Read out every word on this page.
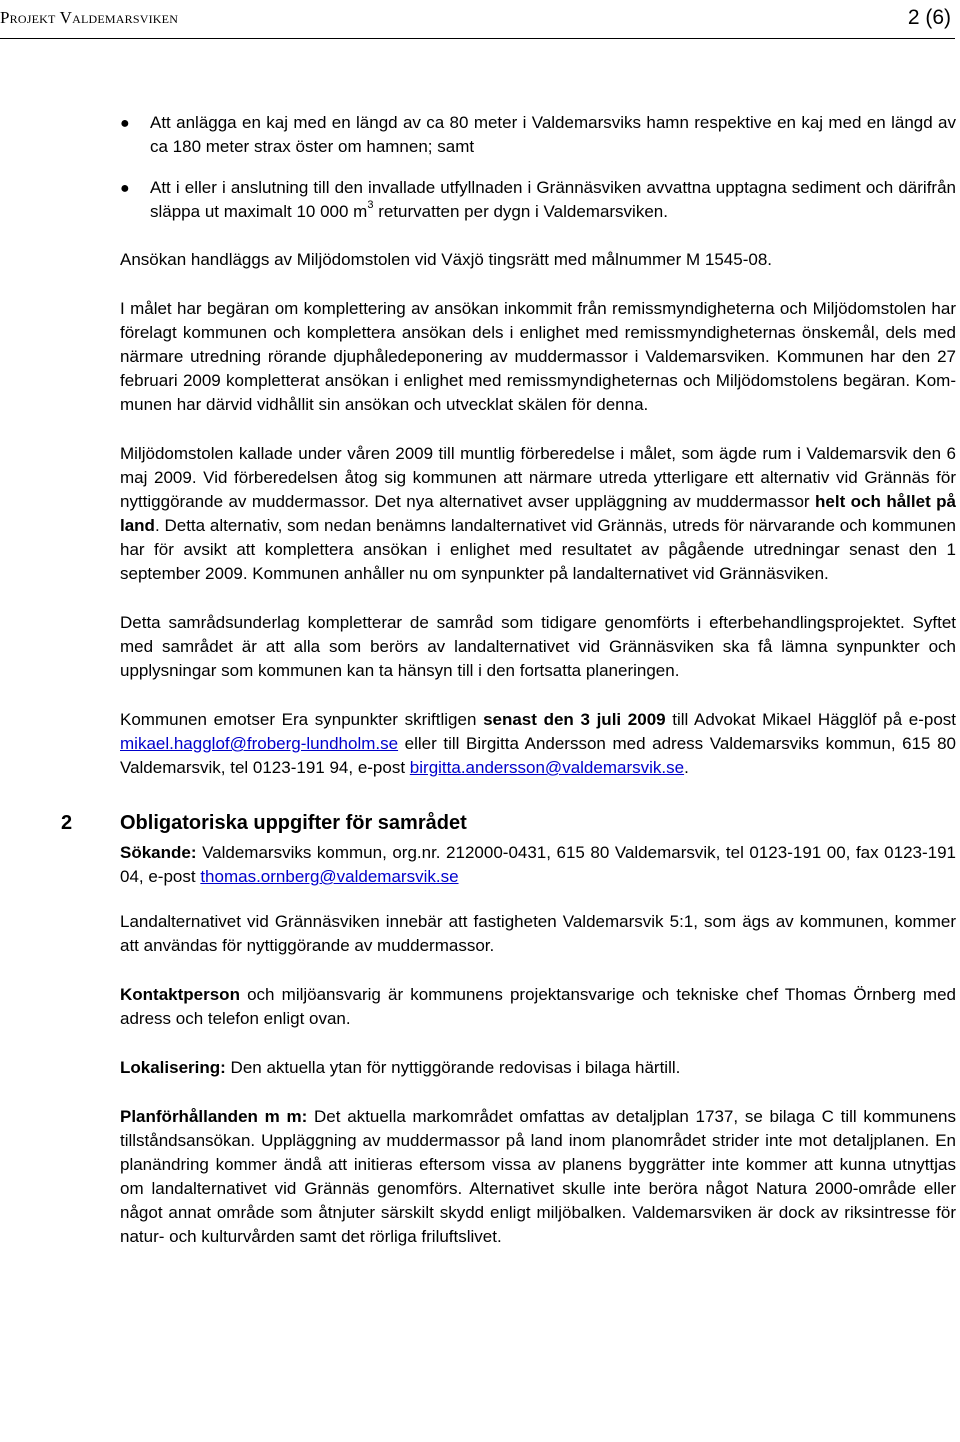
Projekt Valdemarsviken	2 (6)
● Att anlägga en kaj med en längd av ca 80 meter i Valdemarsviks hamn respektive en kaj med en längd av ca 180 meter strax öster om hamnen; samt
● Att i eller i anslutning till den invallade utfyllnaden i Grännäsviken avvattna upptagna sediment och därifrån släppa ut maximalt 10 000 $m^3$ returvatten per dygn i Valdemarsviken.

Ansökan handläggs av Miljödomstolen vid Växjö tingsrätt med målnummer M 1545-08.

I målet har begäran om komplettering av ansökan inkommit från remissmyndigheterna och Miljödomstolen har förelagt kommunen och komplettera ansökan dels i enlighet med remissmyndigheternas önskemål, dels med närmare utredning rörande djuphåledeponering av muddermassor i Valdemarsviken. Kommunen har den 27 februari 2009 kompletterat ansökan i enlighet med remissmyndigheternas och Miljödomstolens begäran. Kommunen har därvid vidhållit sin ansökan och utvecklat skälen för denna.

Miljödomstolen kallade under våren 2009 till muntlig förberedelse i målet, som ägde rum i Valdemarsvik den 6 maj 2009. Vid förberedelsen åtog sig kommunen att närmare utreda ytterligare ett alternativ vid Grännäs för nyttiggörande av muddermassor. Det nya alternativet avser uppläggning av muddermassor helt och hållet på land. Detta alternativ, som nedan benämns landalternativet vid Grännäs, utreds för närvarande och kommunen har för avsikt att komplettera ansökan i enlighet med resultatet av pågående utredningar senast den 1 september 2009. Kommunen anhåller nu om synpunkter på landalternativet vid Grännäsviken.

Detta samrådsunderlag kompletterar de samråd som tidigare genomförts i efterbehandlingsprojektet. Syftet med samrådet är att alla som berörs av landalternativet vid Grännäsviken ska få lämna synpunkter och upplysningar som kommunen kan ta hänsyn till i den fortsatta planeringen.

Kommunen emotser Era synpunkter skriftligen senast den 3 juli 2009 till Advokat Mikael Hägglöf på e-post mikael.hagglof@froberg-lundholm.se eller till Birgitta Andersson med adress Valdemarsviks kommun, 615 80 Valdemarsvik, tel 0123-191 94, e-post birgitta.andersson@valdemarsvik.se.

2 Obligatoriska uppgifter för samrådet

Sökande: Valdemarsviks kommun, org.nr. 212000-0431, 615 80 Valdemarsvik, tel 0123-191 00, fax 0123-191 04, e-post thomas.ornberg@valdemarsvik.se

Landalternativet vid Grännäsviken innebär att fastigheten Valdemarsvik 5:1, som ägs av kommunen, kommer att användas för nyttiggörande av muddermassor.

Kontaktperson och miljöansvarig är kommunens projektansvarige och tekniske chef Thomas Örnberg med adress och telefon enligt ovan.

Lokalisering: Den aktuella ytan för nyttiggörande redovisas i bilaga härtill.

Planförhållanden m m: Det aktuella markområdet omfattas av detaljplan 1737, se bilaga C till kommunens tillståndsansökan. Uppläggning av muddermassor på land inom planområdet strider inte mot detaljplanen. En planändring kommer ändå att initieras eftersom vissa av planens byggrätter inte kommer att kunna utnyttjas om landalternativet vid Grännäs genomförs. Alternativet skulle inte beröra något Natura 2000-område eller något annat område som åtnjuter särskilt skydd enligt miljöbalken. Valdemarsviken är dock av riksintresse för natur- och kulturvården samt det rörliga friluftslivet.
